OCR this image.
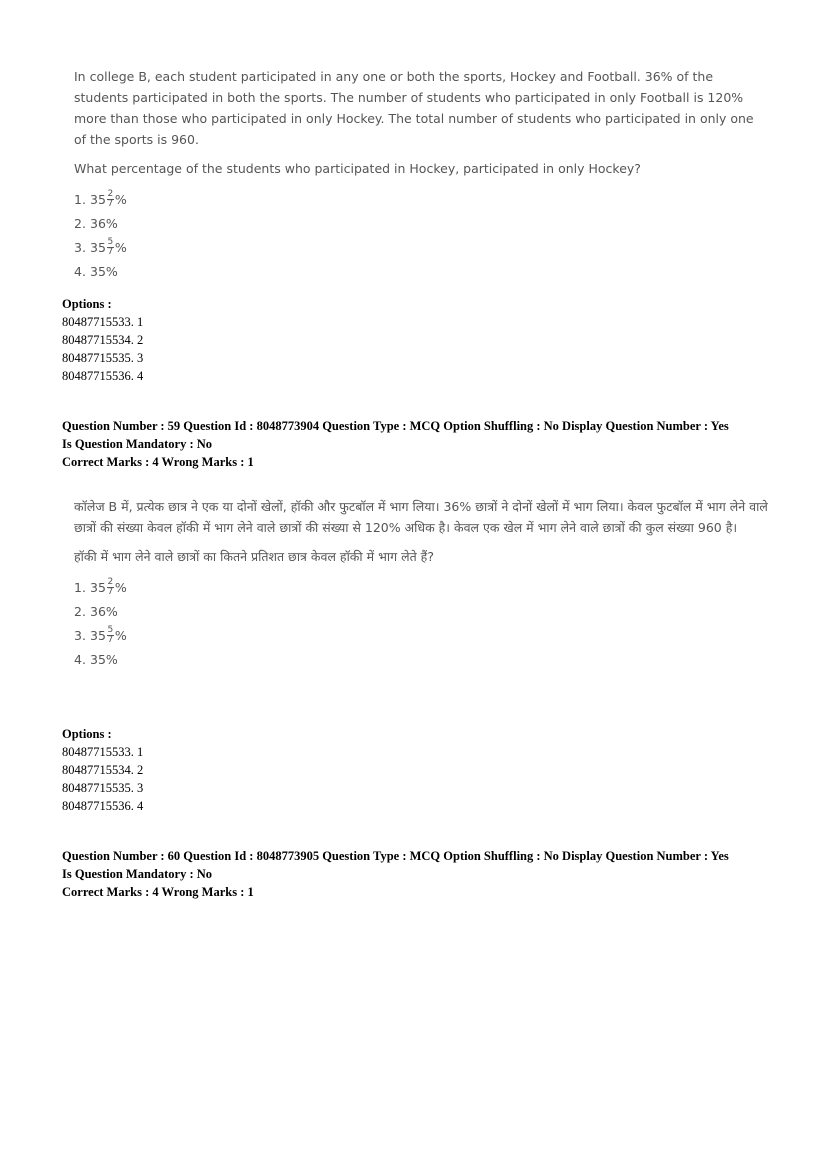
In college B, each student participated in any one or both the sports, Hockey and Football. 36% of the students participated in both the sports. The number of students who participated in only Football is 120% more than those who participated in only Hockey. The total number of students who participated in only one of the sports is 960.

What percentage of the students who participated in Hockey, participated in only Hockey?

1. $35 \frac{2}{7}$ %
2. 36%
3. $35 \frac{5}{7}$ %
4. 35%

Options :

80487715533. 1

80487715534. 2

80487715535. 3

80487715536. 4

Question Number : 59 Question Id : 8048773904 Question Type : MCQ Option Shuffling : No Display Question Number : Yes

Is Question Mandatory : No

Correct Marks : 4 Wrong Marks : 1

कॉलेज B में, प्रत्येक छात्र ने एक या दोनों खेलों, हॉकी और फुटबॉल में भाग लिया। 36% छात्रों ने दोनों खेलों में भाग लिया। केवल फुटबॉल में भाग लेने वाले छात्रों की संख्या केवल हॉकी में भाग लेने वाले छात्रों की संख्या से 120% अधिक है। केवल एक खेल में भाग लेने वाले छात्रों की कुल संख्या 960 है।

हॉकी में भाग लेने वाले छात्रों का कितने प्रतिशत छात्र केवल हॉकी में भाग लेते हैं?

1. $35 \frac{2}{7}$ %
2. 36%
3. $35 \frac{5}{7}$ %
4. 35%

Options :

80487715533. 1

80487715534. 2

80487715535. 3

80487715536. 4

Question Number : 60 Question Id : 8048773905 Question Type : MCQ Option Shuffling : No Display Question Number : Yes

Is Question Mandatory : No

Correct Marks : 4 Wrong Marks : 1
